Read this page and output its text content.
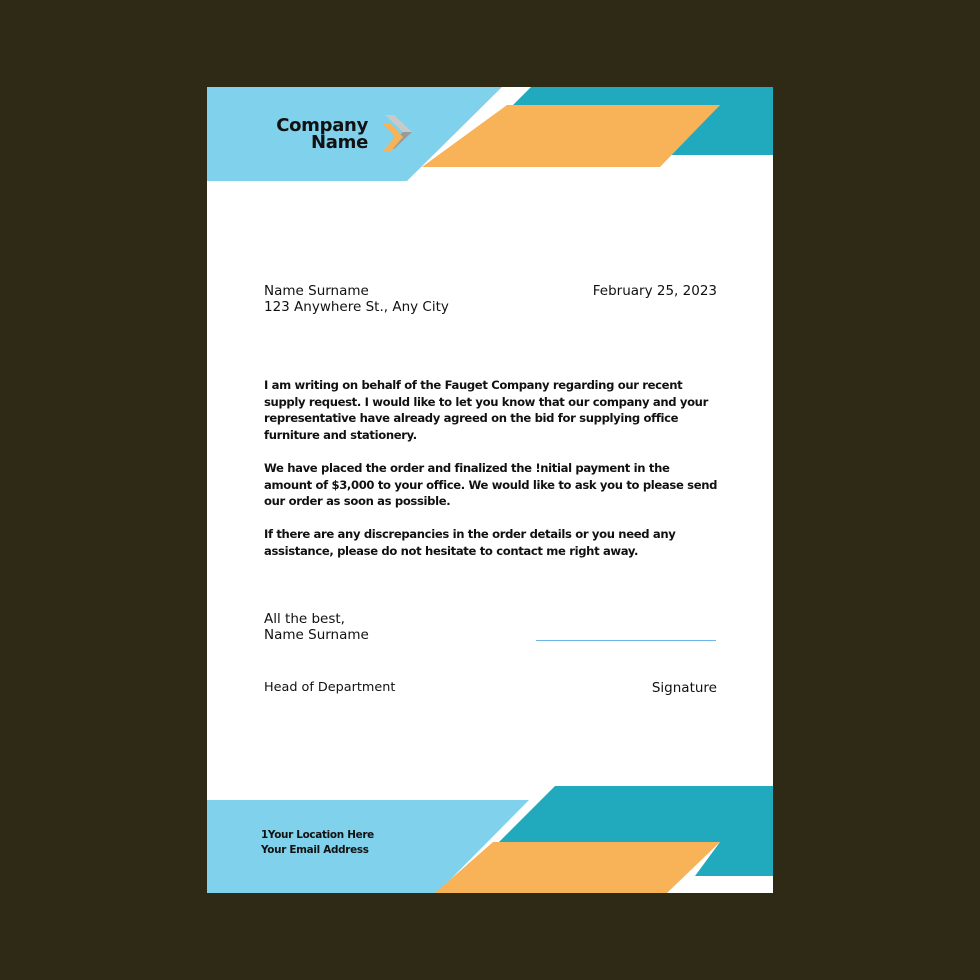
Company
Name
Name Surname
123 Anywhere St., Any City
February 25, 2023

I am writing on behalf of the Fauget Company regarding our recent supply request. I would like to let you know that our company and your representative have already agreed on the bid for supplying office furniture and stationery.

We have placed the order and finalized the !nitial payment in the amount of $3,000 to your office. We would like to ask you to please send our order as soon as possible.

If there are any discrepancies in the order details or you need any assistance, please do not hesitate to contact me right away.

All the best,
Name Surname
Head of Department	Signature
1Your Location Here
Your Email Address
